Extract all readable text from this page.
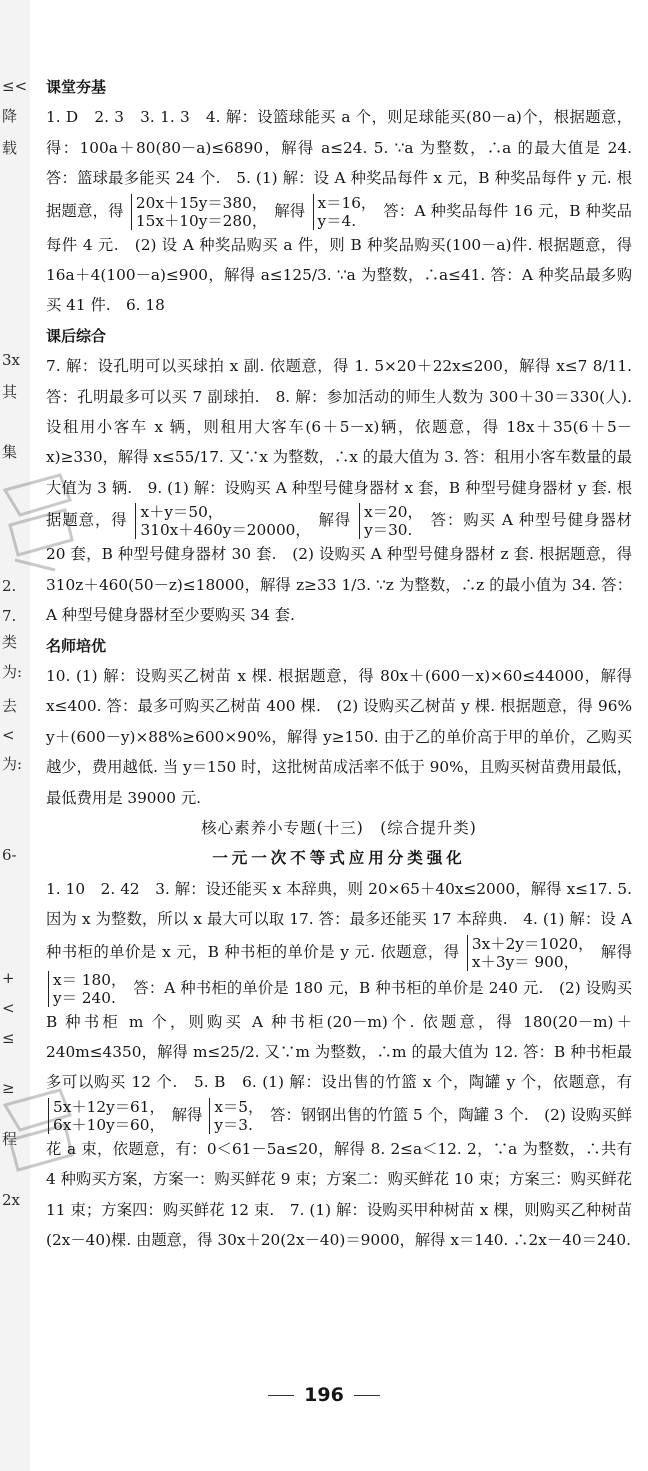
≤<
降
载
3x
其
集
2.
7.
类
为:
去
<
为:
6-
+
<
≤
≥
程
2x
课堂夯基
1. D　2. 3　3. 1. 3　4. 解：设篮球能买 a 个，则足球能买(80－a)个，根据题意，得：100a＋80(80－a)≤6890，解得 a≤24. 5. ∵a 为整数，∴a 的最大值是 24. 答：篮球最多能买 24 个.　5. (1) 解：设 A 种奖品每件 x 元，B 种奖品每件 y 元. 根据题意，得 20x＋15y＝380，
15x＋10y＝280，
解得 x＝16，
y＝4.
答：A 种奖品每件 16 元，B 种奖品每件 4 元.　(2) 设 A 种奖品购买 a 件，则 B 种奖品购买(100－a)件. 根据题意，得 16a＋4(100－a)≤900，解得 a≤125/3. ∵a 为整数，∴a≤41. 答：A 种奖品最多购买 41 件.　6. 18
课后综合
7. 解：设孔明可以买球拍 x 副. 依题意，得 1. 5×20＋22x≤200，解得 x≤7 8/11. 答：孔明最多可以买 7 副球拍.　8. 解：参加活动的师生人数为 300＋30＝330(人). 设租用小客车 x 辆，则租用大客车(6＋5－x)辆，依题意，得 18x＋35(6＋5－x)≥330，解得 x≤55/17. 又∵x 为整数，∴x 的最大值为 3. 答：租用小客车数量的最大值为 3 辆.　9. (1) 解：设购买 A 种型号健身器材 x 套，B 种型号健身器材 y 套. 根据题意，得 x＋y＝50，
310x＋460y＝20000，
解得 x＝20，
y＝30.
答：购买 A 种型号健身器材 20 套，B 种型号健身器材 30 套.　(2) 设购买 A 种型号健身器材 z 套. 根据题意，得 310z＋460(50－z)≤18000，解得 z≥33 1/3. ∵z 为整数，∴z 的最小值为 34. 答：A 种型号健身器材至少要购买 34 套.
名师培优
10. (1) 解：设购买乙树苗 x 棵. 根据题意，得 80x＋(600－x)×60≤44000，解得 x≤400. 答：最多可购买乙树苗 400 棵.　(2) 设购买乙树苗 y 棵. 根据题意，得 96% y＋(600－y)×88%≥600×90%，解得 y≥150. 由于乙的单价高于甲的单价，乙购买越少，费用越低. 当 y＝150 时，这批树苗成活率不低于 90%，且购买树苗费用最低，最低费用是 39000 元.
核心素养小专题(十三)　(综合提升类)
一元一次不等式应用分类强化
1. 10　2. 42　3. 解：设还能买 x 本辞典，则 20×65＋40x≤2000，解得 x≤17. 5. 因为 x 为整数，所以 x 最大可以取 17. 答：最多还能买 17 本辞典.　4. (1) 解：设 A 种书柜的单价是 x 元，B 种书柜的单价是 y 元. 依题意，得 3x＋2y＝1020，
x＋3y＝ 900，
解得
x＝ 180，
y＝ 240.
答：A 种书柜的单价是 180 元，B 种书柜的单价是 240 元.　(2) 设购买 B 种书柜 m 个，则购买 A 种书柜(20－m)个. 依题意，得 180(20－m)＋240m≤4350，解得 m≤25/2. 又∵m 为整数，∴m 的最大值为 12. 答：B 种书柜最多可以购买 12 个.　5. B　6. (1) 解：设出售的竹篮 x 个，陶罐 y 个，依题意，有
5x＋12y＝61，
6x＋10y＝60，
解得 x＝5，
y＝3.
答：钢钢出售的竹篮 5 个，陶罐 3 个.　(2) 设购买鲜花 a 束，依题意，有：0＜61－5a≤20，解得 8. 2≤a＜12. 2，∵a 为整数，∴共有 4 种购买方案，方案一：购买鲜花 9 束；方案二：购买鲜花 10 束；方案三：购买鲜花 11 束；方案四：购买鲜花 12 束.　7. (1) 解：设购买甲种树苗 x 棵，则购买乙种树苗(2x－40)棵. 由题意，得 30x＋20(2x－40)＝9000，解得 x＝140. ∴2x－40＝240.
196
